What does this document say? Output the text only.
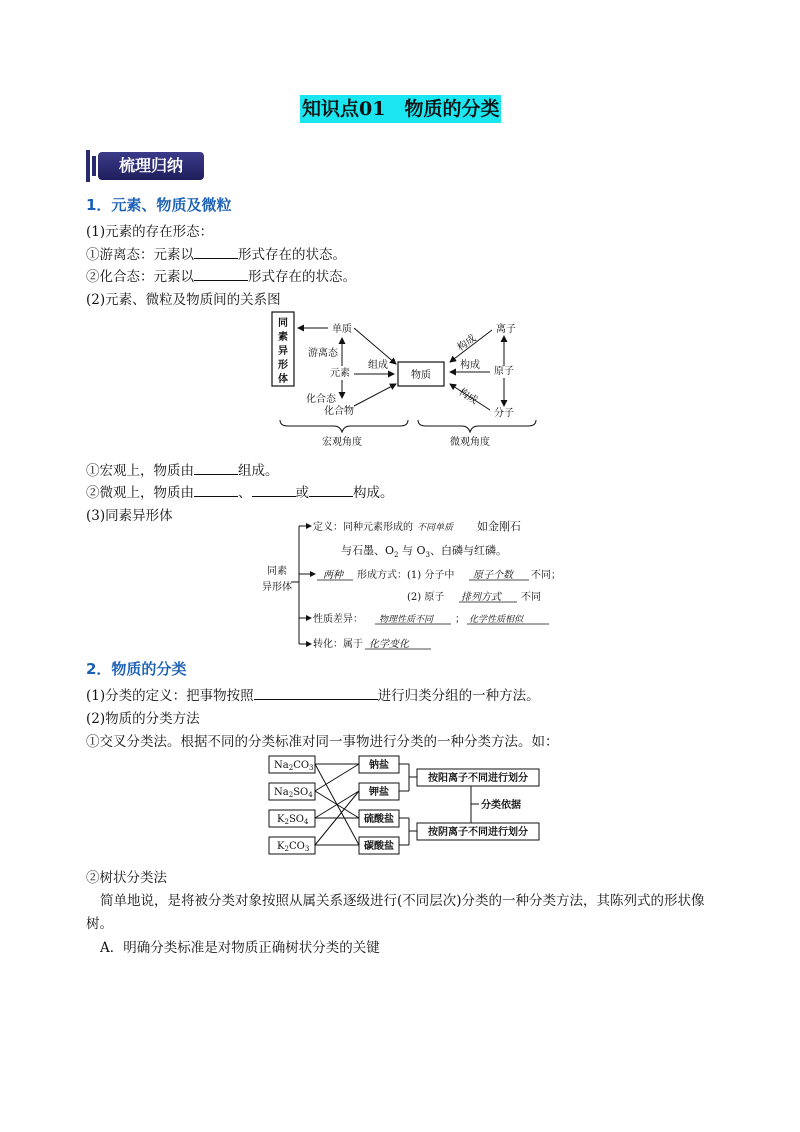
知识点01　物质的分类
梳理归纳
1．元素、物质及微粒
(1)元素的存在形态：
①游离态：元素以	形式存在的状态。
②化合态：元素以	形式存在的状态。
(2)元素、微粒及物质间的关系图
同
素
异
形
体
单质
游离态
元素
化合态
化合物
组成
物质
离子
原子
分子
构成
构成
构成
宏观角度	微观角度
①宏观上，物质由	组成。
②微观上，物质由	、	或	构成。
(3)同素异形体
同素
异形体
定义：同种元素形成的 不同单质 如金刚石
与石墨、$O_2$ 与 $O_3$、白磷与红磷。
两种 形成方式：(1) 分子中 原子个数 不同；
(2) 原子 排列方式 不同
性质差异： 物理性质不同 ； 化学性质相似
转化：属于 化学变化
2．物质的分类
(1)分类的定义：把事物按照	进行归类分组的一种方法。
(2)物质的分类方法
①交叉分类法。根据不同的分类标准对同一事物进行分类的一种分类方法。如：
$Na_2CO_3$
$Na_2SO_4$
$K_2SO_4$
$K_2CO_3$
钠盐
钾盐
硫酸盐
碳酸盐
按阳离子不同进行划分
按阴离子不同进行划分
分类依据
②树状分类法
简单地说，是将被分类对象按照从属关系逐级进行(不同层次)分类的一种分类方法，其陈列式的形状像
树。
A．明确分类标准是对物质正确树状分类的关键
